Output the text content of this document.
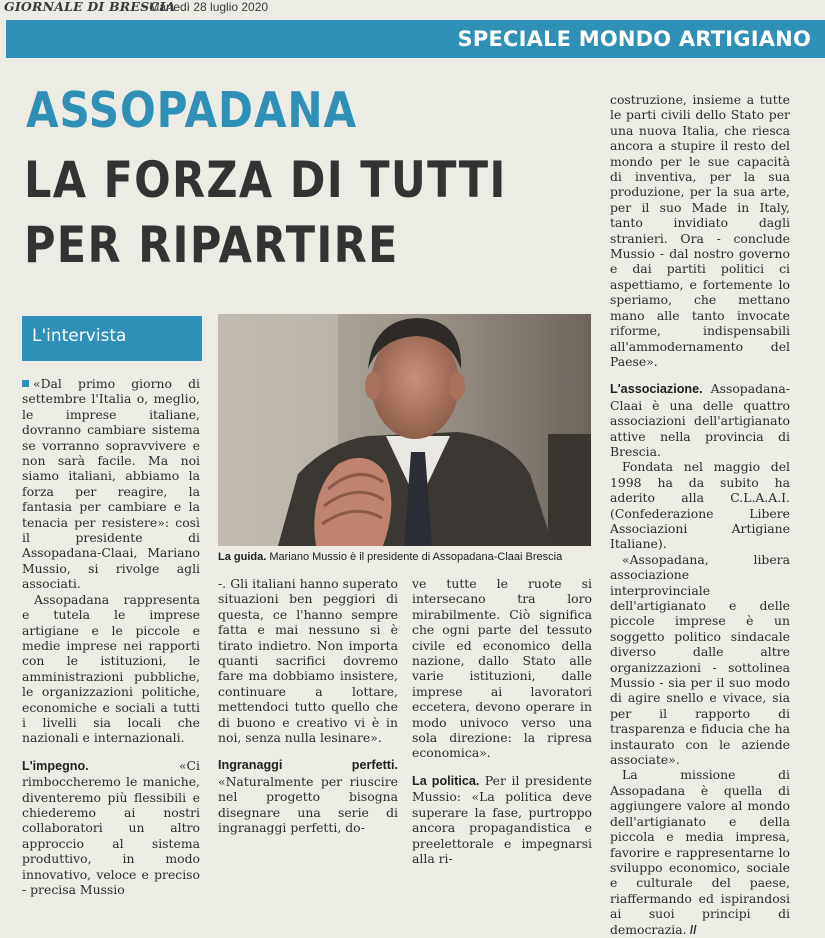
GIORNALE DI BRESCIA
· Martedì 28 luglio 2020
SPECIALE MONDO ARTIGIANO
ASSOPADANA
LA FORZA DI TUTTI
PER RIPARTIRE
L'intervista
La guida. Mariano Mussio è il presidente di Assopadana-Claai Brescia

«Dal primo giorno di settembre l'Italia o, meglio, le imprese italiane, dovranno cambiare sistema se vorranno sopravvivere e non sarà facile. Ma noi siamo italiani, abbiamo la forza per reagire, la fantasia per cambiare e la tenacia per resistere»: così il presidente di Assopadana-Claai, Mariano Mussio, si rivolge agli associati.

Assopadana rappresenta e tutela le imprese artigiane e le piccole e medie imprese nei rapporti con le istituzioni, le amministrazioni pubbliche, le organizzazioni politiche, economiche e sociali a tutti i livelli sia locali che nazionali e internazionali.

L'impegno. «Ci rimboccheremo le maniche, diventeremo più flessibili e chiederemo ai nostri collaboratori un altro approccio al sistema produttivo, in modo innovativo, veloce e preciso - precisa Mussio

-. Gli italiani hanno superato situazioni ben peggiori di questa, ce l'hanno sempre fatta e mai nessuno si è tirato indietro. Non importa quanti sacrifici dovremo fare ma dobbiamo insistere, continuare a lottare, mettendoci tutto quello che di buono e creativo vi è in noi, senza nulla lesinare».

Ingranaggi perfetti. «Naturalmente per riuscire nel progetto bisogna disegnare una serie di ingranaggi perfetti, do-

ve tutte le ruote si intersecano tra loro mirabilmente. Ciò significa che ogni parte del tessuto civile ed economico della nazione, dallo Stato alle varie istituzioni, dalle imprese ai lavoratori eccetera, devono operare in modo univoco verso una sola direzione: la ripresa economica».

La politica. Per il presidente Mussio: «La politica deve superare la fase, purtroppo ancora propagandistica e preelettorale e impegnarsi alla ri-

costruzione, insieme a tutte le parti civili dello Stato per una nuova Italia, che riesca ancora a stupire il resto del mondo per le sue capacità di inventiva, per la sua produzione, per la sua arte, per il suo Made in Italy, tanto invidiato dagli stranieri. Ora - conclude Mussio - dal nostro governo e dai partiti politici ci aspettiamo, e fortemente lo speriamo, che mettano mano alle tanto invocate riforme, indispensabili all'ammodernamento del Paese».

L'associazione. Assopadana-Claai è una delle quattro associazioni dell'artigianato attive nella provincia di Brescia.

Fondata nel maggio del 1998 ha da subito ha aderito alla C.L.A.A.I. (Confederazione Libere Associazioni Artigiane Italiane).

«Assopadana, libera associazione interprovinciale dell'artigianato e delle piccole imprese è un soggetto politico sindacale diverso dalle altre organizzazioni - sottolinea Mussio - sia per il suo modo di agire snello e vivace, sia per il rapporto di trasparenza e fiducia che ha instaurato con le aziende associate».

La missione di Assopadana è quella di aggiungere valore al mondo dell'artigianato e della piccola e media impresa, favorire e rappresentarne lo sviluppo economico, sociale e culturale del paese, riaffermando ed ispirandosi ai suoi principi di democrazia. //
